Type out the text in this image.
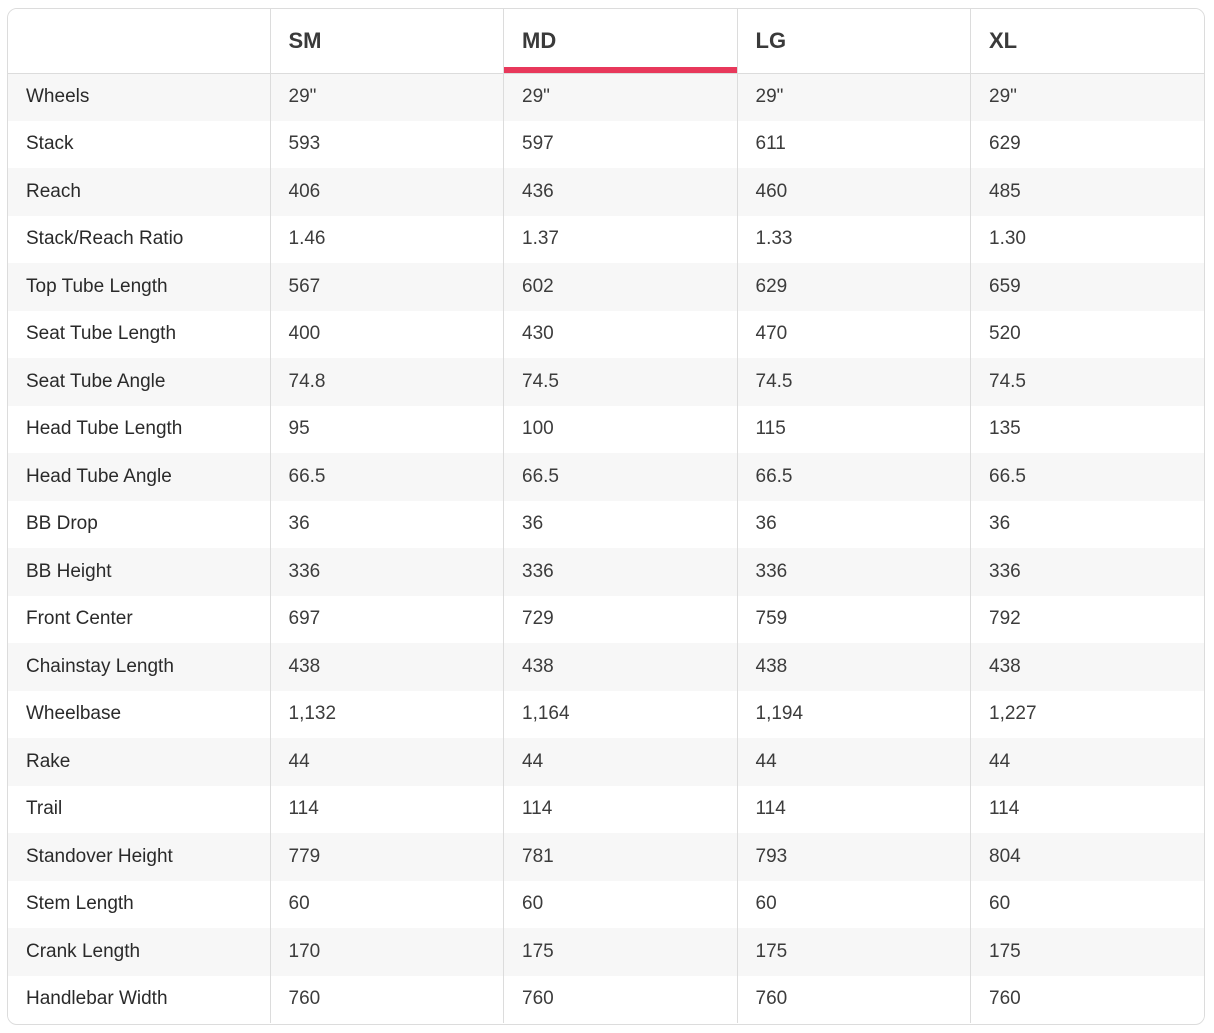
	SM	MD	LG	XL
Wheels	29"	29"	29"	29"
Stack	593	597	611	629
Reach	406	436	460	485
Stack/Reach Ratio	1.46	1.37	1.33	1.30
Top Tube Length	567	602	629	659
Seat Tube Length	400	430	470	520
Seat Tube Angle	74.8	74.5	74.5	74.5
Head Tube Length	95	100	115	135
Head Tube Angle	66.5	66.5	66.5	66.5
BB Drop	36	36	36	36
BB Height	336	336	336	336
Front Center	697	729	759	792
Chainstay Length	438	438	438	438
Wheelbase	1,132	1,164	1,194	1,227
Rake	44	44	44	44
Trail	114	114	114	114
Standover Height	779	781	793	804
Stem Length	60	60	60	60
Crank Length	170	175	175	175
Handlebar Width	760	760	760	760
